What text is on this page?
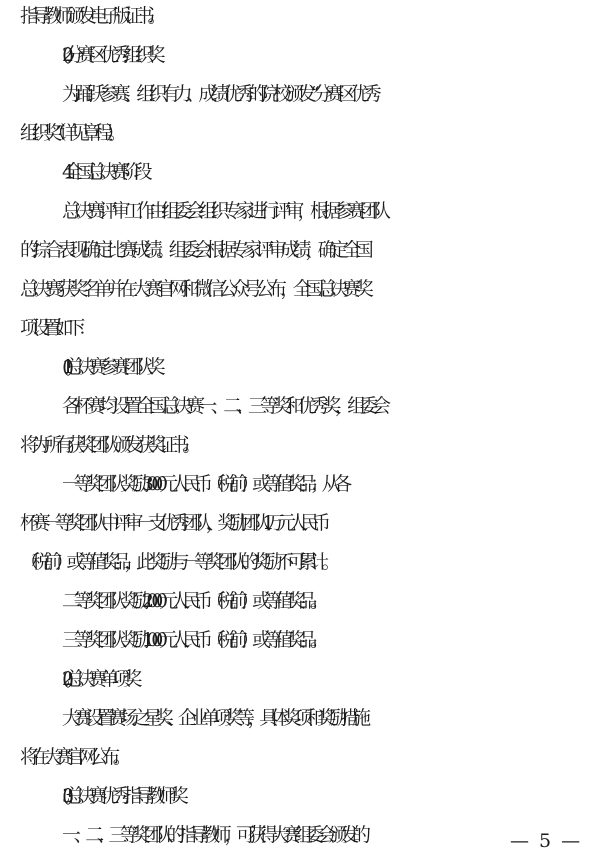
指导教师颁发电子版证书。
(2) 分赛区优秀组织奖
为踊跃参赛、组织有力、成绩优秀的院校颁发“分赛区优秀
组织奖”（详见章程）。
4. 全国总决赛阶段
总决赛评审工作由组委会组织专家进行评审，根据参赛团队
的综合表现确定比赛成绩。组委会根据专家评审成绩，确定全国
总决赛获奖名单并在大赛官网和微信公众号公布，全国总决赛奖
项设置如下：
(1) 总决赛参赛团队奖
各杯赛均设置全国总决赛一、二、三等奖和优秀奖，组委会
将为所有获奖团队颁发获奖证书。
一等奖团队奖励 3000 元人民币（税前）或等值奖品；从各
杯赛一等奖团队中评审一支优秀团队，奖励团队 1 万元人民币
（税前）或等值奖品，此奖励与一等奖团队的奖励不可累计。
二等奖团队奖励 2000 元人民币（税前）或等值奖品。
三等奖团队奖励 1000 元人民币（税前）或等值奖品。
(2) 总决赛单项奖
大赛设置赛场之星奖、企业单项奖等，具体奖项和奖励措施
将在大赛官网公布。
(3) 总决赛优秀指导教师奖
一、二、三等奖团队的指导教师，可获得大赛组委会颁发的	— 5 —
